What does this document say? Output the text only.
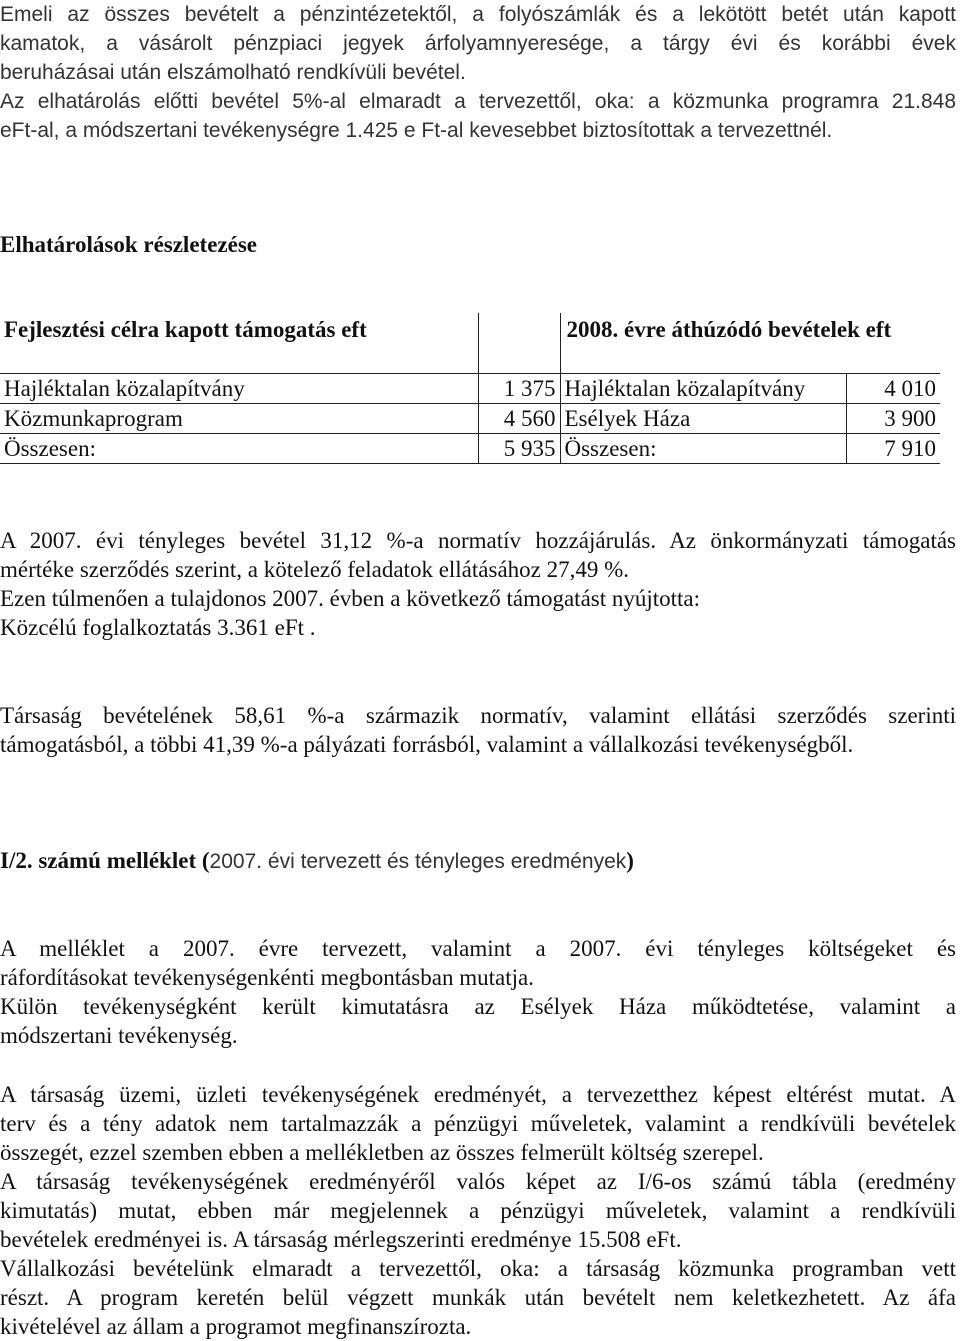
Emeli az összes bevételt a pénzintézetektől, a folyószámlák és a lekötött betét után kapott

kamatok, a vásárolt pénzpiaci jegyek árfolyamnyeresége, a tárgy évi és korábbi évek

beruházásai után elszámolható rendkívüli bevétel.

Az elhatárolás előtti bevétel 5%-al elmaradt a tervezettől, oka: a közmunka programra 21.848

eFt-al, a módszertani tevékenységre 1.425 e Ft-al kevesebbet biztosítottak a tervezettnél.

Elhatárolások részletezése

Fejlesztési célra kapott támogatás eft		2008. évre áthúzódó bevételek eft	
Hajléktalan közalapítvány	1 375	Hajléktalan közalapítvány	4 010
Közmunkaprogram	4 560	Esélyek Háza	3 900
Összesen:	5 935	Összesen:	7 910

A 2007. évi tényleges bevétel 31,12 %-a normatív hozzájárulás. Az önkormányzati támogatás

mértéke szerződés szerint, a kötelező feladatok ellátásához 27,49 %.

Ezen túlmenően a tulajdonos 2007. évben a következő támogatást nyújtotta:

Közcélú foglalkoztatás 3.361 eFt .

Társaság bevételének 58,61 %-a származik normatív, valamint ellátási szerződés szerinti

támogatásból, a többi 41,39 %-a pályázati forrásból, valamint a vállalkozási tevékenységből.

I/2. számú melléklet (2007. évi tervezett és tényleges eredmények)

A melléklet a 2007. évre tervezett, valamint a 2007. évi tényleges költségeket és

ráfordításokat tevékenységenkénti megbontásban mutatja.

Külön tevékenységként került kimutatásra az Esélyek Háza működtetése, valamint a

módszertani tevékenység.

A társaság üzemi, üzleti tevékenységének eredményét, a tervezetthez képest eltérést mutat. A

terv és a tény adatok nem tartalmazzák a pénzügyi műveletek, valamint a rendkívüli bevételek

összegét, ezzel szemben ebben a mellékletben az összes felmerült költség szerepel.

A társaság tevékenységének eredményéről valós képet az I/6-os számú tábla (eredmény

kimutatás) mutat, ebben már megjelennek a pénzügyi műveletek, valamint a rendkívüli

bevételek eredményei is. A társaság mérlegszerinti eredménye 15.508 eFt.

Vállalkozási bevételünk elmaradt a tervezettől, oka: a társaság közmunka programban vett

részt. A program keretén belül végzett munkák után bevételt nem keletkezhetett. Az áfa

kivételével az állam a programot megfinanszírozta.
